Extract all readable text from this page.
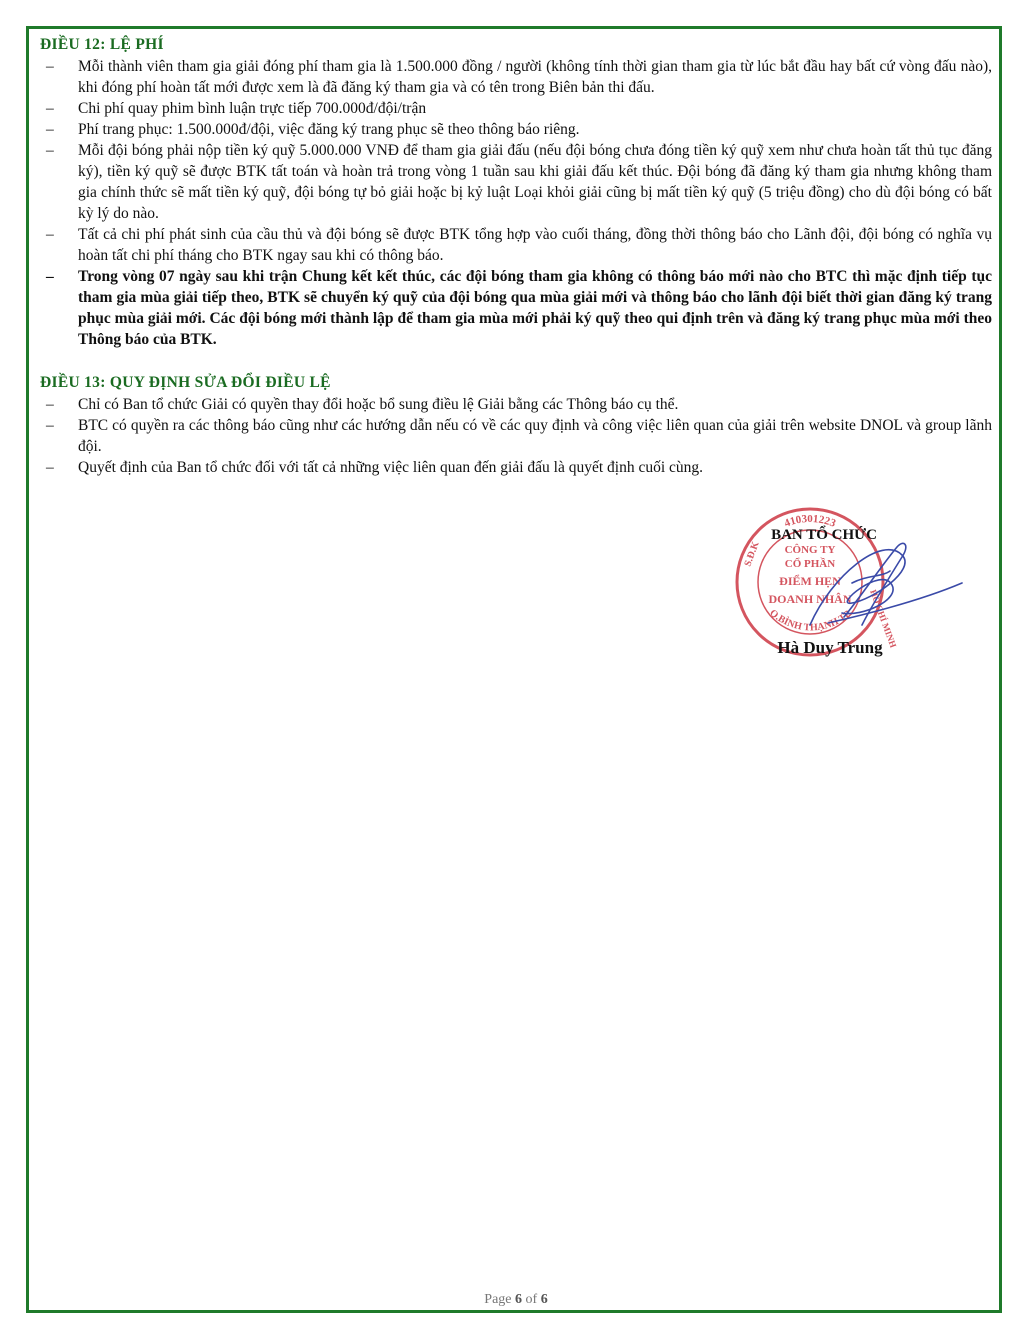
ĐIỀU 12: LỆ PHÍ
– Mỗi thành viên tham gia giải đóng phí tham gia là 1.500.000 đồng / người (không tính thời gian tham gia từ lúc bắt đầu hay bất cứ vòng đấu nào), khi đóng phí hoàn tất mới được xem là đã đăng ký tham gia và có tên trong Biên bản thi đấu.
– Chi phí quay phim bình luận trực tiếp 700.000đ/đội/trận
– Phí trang phục: 1.500.000đ/đội, việc đăng ký trang phục sẽ theo thông báo riêng.
– Mỗi đội bóng phải nộp tiền ký quỹ 5.000.000 VNĐ để tham gia giải đấu (nếu đội bóng chưa đóng tiền ký quỹ xem như chưa hoàn tất thủ tục đăng ký), tiền ký quỹ sẽ được BTK tất toán và hoàn trả trong vòng 1 tuần sau khi giải đấu kết thúc. Đội bóng đã đăng ký tham gia nhưng không tham gia chính thức sẽ mất tiền ký quỹ, đội bóng tự bỏ giải hoặc bị kỷ luật Loại khỏi giải cũng bị mất tiền ký quỹ (5 triệu đồng) cho dù đội bóng có bất kỳ lý do nào.
– Tất cả chi phí phát sinh của cầu thủ và đội bóng sẽ được BTK tổng hợp vào cuối tháng, đồng thời thông báo cho Lãnh đội, đội bóng có nghĩa vụ hoàn tất chi phí tháng cho BTK ngay sau khi có thông báo.
– Trong vòng 07 ngày sau khi trận Chung kết kết thúc, các đội bóng tham gia không có thông báo mới nào cho BTC thì mặc định tiếp tục tham gia mùa giải tiếp theo, BTK sẽ chuyển ký quỹ của đội bóng qua mùa giải mới và thông báo cho lãnh đội biết thời gian đăng ký trang phục mùa giải mới. Các đội bóng mới thành lập để tham gia mùa mới phải ký quỹ theo qui định trên và đăng ký trang phục mùa mới theo Thông báo của BTK.
ĐIỀU 13: QUY ĐỊNH SỬA ĐỔI ĐIỀU LỆ
– Chỉ có Ban tổ chức Giải có quyền thay đổi hoặc bổ sung điều lệ Giải bằng các Thông báo cụ thể.
– BTC có quyền ra các thông báo cũng như các hướng dẫn nếu có về các quy định và công việc liên quan của giải trên website DNOL và group lãnh đội.
– Quyết định của Ban tổ chức đối với tất cả những việc liên quan đến giải đấu là quyết định cuối cùng.
410301223
S.Đ.K
Q.BÌNH THẠNH TP. HỒ CHÍ MINH
CÔNG TY
CỔ PHẦN
ĐIỂM HẸN
DOANH NHÂN
BAN TỔ CHỨC
Hà Duy Trung
Page 6 of 6
